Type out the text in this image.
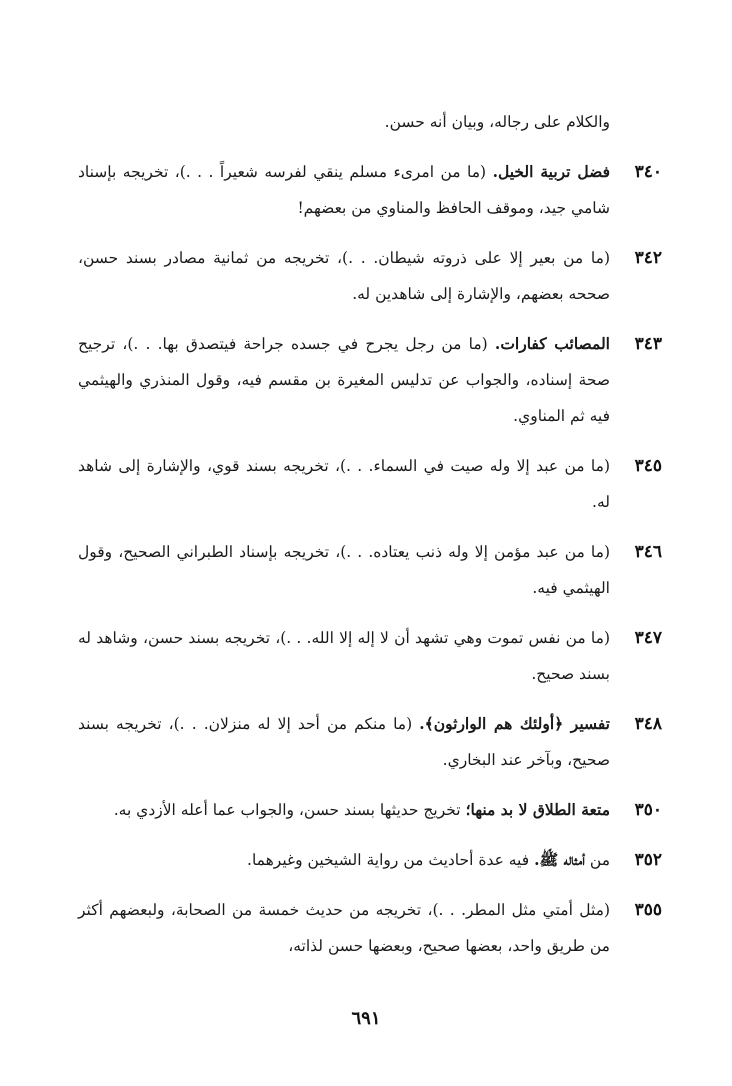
والكلام على رجاله، وبيان أنه حسن.
٣٤٠
فضل تربية الخيل. (ما من امرىء مسلم ينقي لفرسه شعيراً . . .)، تخريجه بإسناد شامي جيد، وموقف الحافظ والمناوي من بعضهم!
٣٤٢
(ما من بعير إلا على ذروته شيطان. . .)، تخريجه من ثمانية مصادر بسند حسن، صححه بعضهم، والإشارة إلى شاهدين له.
٣٤٣
المصائب كفارات. (ما من رجل يجرح في جسده جراحة فيتصدق بها. . .)، ترجيح صحة إسناده، والجواب عن تدليس المغيرة بن مقسم فيه، وقول المنذري والهيثمي فيه ثم المناوي.
٣٤٥
(ما من عبد إلا وله صيت في السماء. . .)، تخريجه بسند قوي، والإشارة إلى شاهد له.
٣٤٦
(ما من عبد مؤمن إلا وله ذنب يعتاده. . .)، تخريجه بإسناد الطبراني الصحيح، وقول الهيثمي فيه.
٣٤٧
(ما من نفس تموت وهي تشهد أن لا إله إلا الله. . .)، تخريجه بسند حسن، وشاهد له بسند صحيح.
٣٤٨
تفسير ﴿أولئك هم الوارثون﴾. (ما منكم من أحد إلا له منزلان. . .)، تخريجه بسند صحيح، وبآخر عند البخاري.
٣٥٠
متعة الطلاق لا بد منها؛ تخريج حديثها بسند حسن، والجواب عما أعله الأزدي به.
٣٥٢
من أمثاله ﷺ. فيه عدة أحاديث من رواية الشيخين وغيرهما.
٣٥٥
(مثل أمتي مثل المطر. . .)، تخريجه من حديث خمسة من الصحابة، ولبعضهم أكثر من طريق واحد، بعضها صحيح، وبعضها حسن لذاته،
٦٩١
